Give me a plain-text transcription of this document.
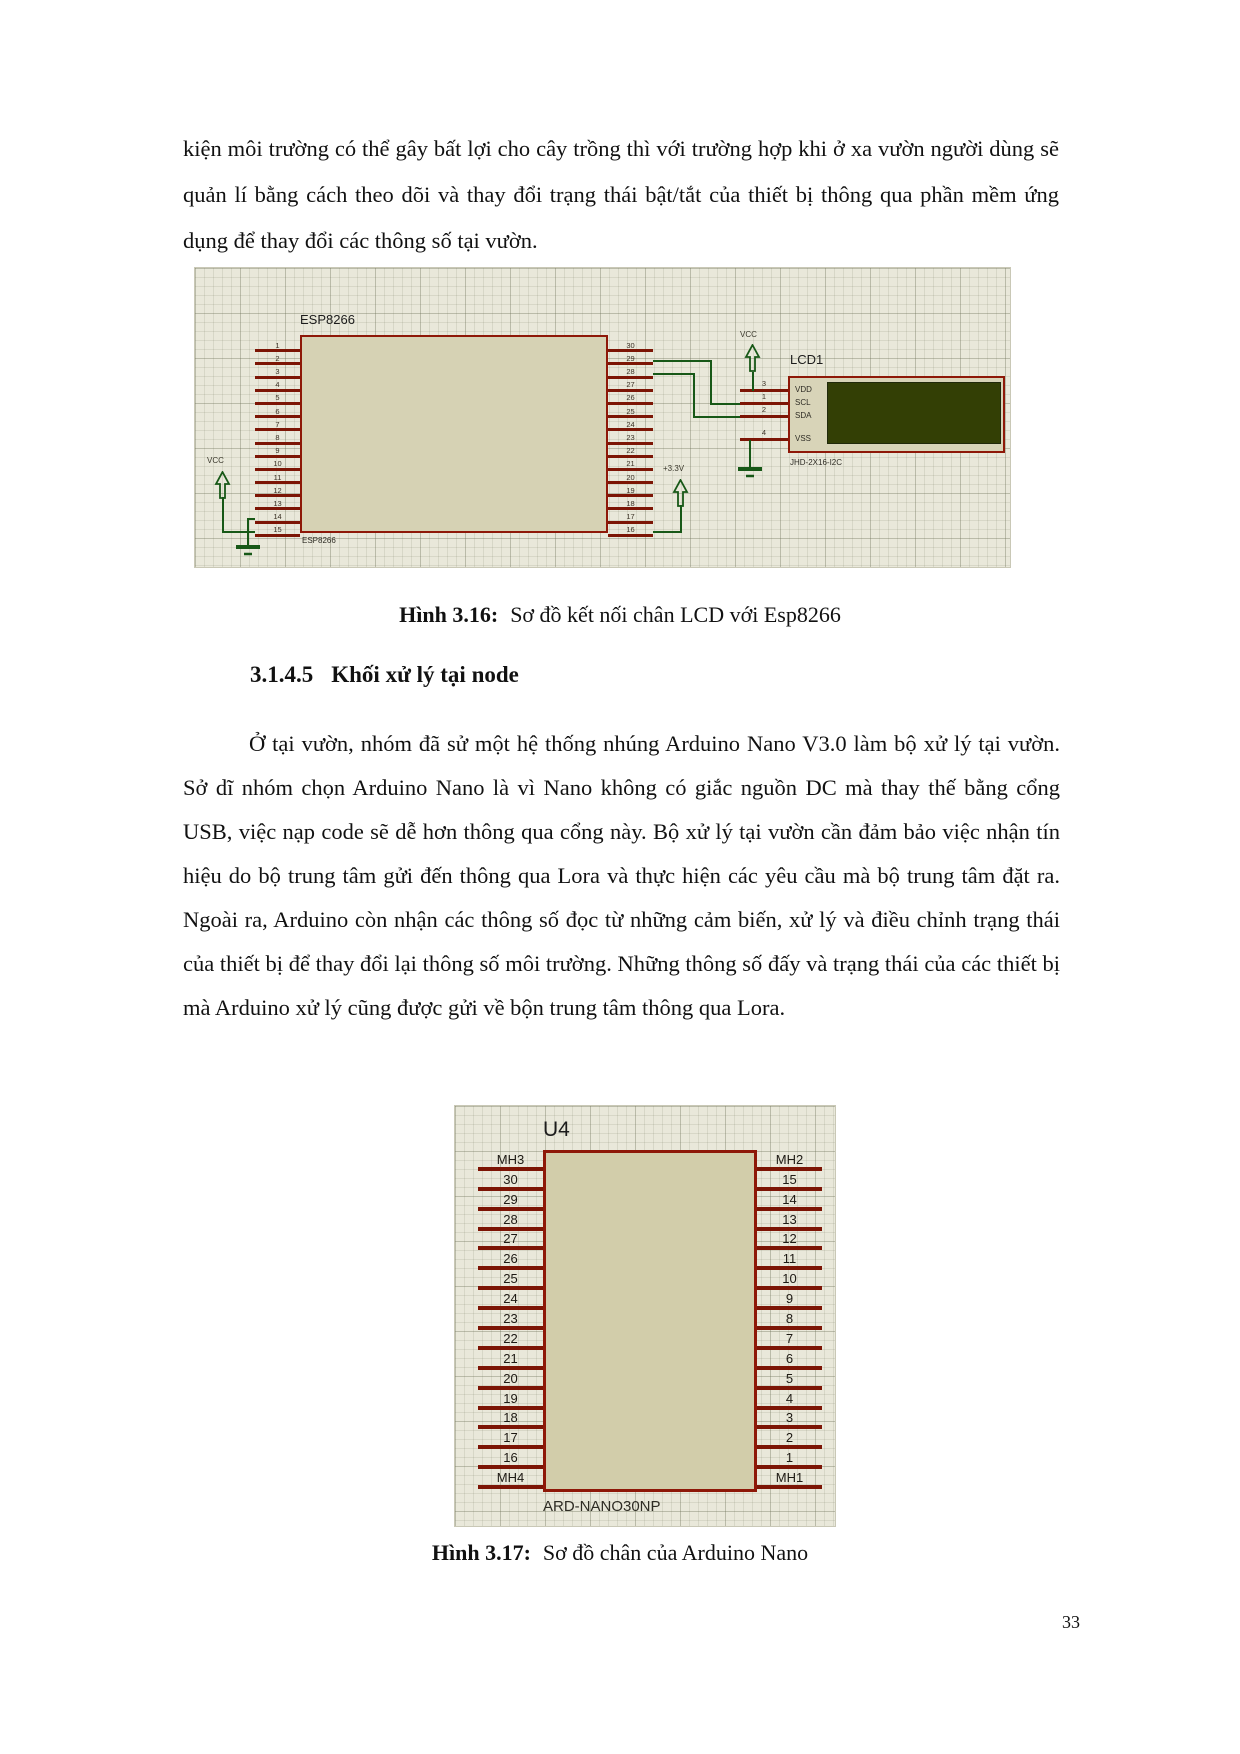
kiện môi trường có thể gây bất lợi cho cây trồng thì với trường hợp khi ở xa vườn người dùng sẽ quản lí bằng cách theo dõi và thay đổi trạng thái bật/tắt của thiết bị thông qua phần mềm ứng dụng để thay đổi các thông số tại vườn.

ESP8266
1
2
3
4
5
6
7
8
9
10
11
12
13
14
15
30
29
28
27
26
25
24
23
22
21
20
19
18
17
16
ESP8266
LCD1
VDD
SCL
SDA
VSS
3
1
2
4
JHD-2X16-I2C
VCC
VCC
+3.3V
Hình 3.16: Sơ đồ kết nối chân LCD với Esp8266
3.1.4.5 Khối xử lý tại node

Ở tại vườn, nhóm đã sử một hệ thống nhúng Arduino Nano V3.0 làm bộ xử lý tại vườn. Sở dĩ nhóm chọn Arduino Nano là vì Nano không có giắc nguồn DC mà thay thế bằng cổng USB, việc nạp code sẽ dễ hơn thông qua cổng này. Bộ xử lý tại vườn cần đảm bảo việc nhận tín hiệu do bộ trung tâm gửi đến thông qua Lora và thực hiện các yêu cầu mà bộ trung tâm đặt ra. Ngoài ra, Arduino còn nhận các thông số đọc từ những cảm biến, xử lý và điều chỉnh trạng thái của thiết bị để thay đổi lại thông số môi trường. Những thông số đấy và trạng thái của các thiết bị mà Arduino xử lý cũng được gửi về bộn trung tâm thông qua Lora.

U4
MH3
30
29
28
27
26
25
24
23
22
21
20
19
18
17
16
MH4
MH2
15
14
13
12
11
10
9
8
7
6
5
4
3
2
1
MH1
ARD-NANO30NP
Hình 3.17: Sơ đồ chân của Arduino Nano
33
